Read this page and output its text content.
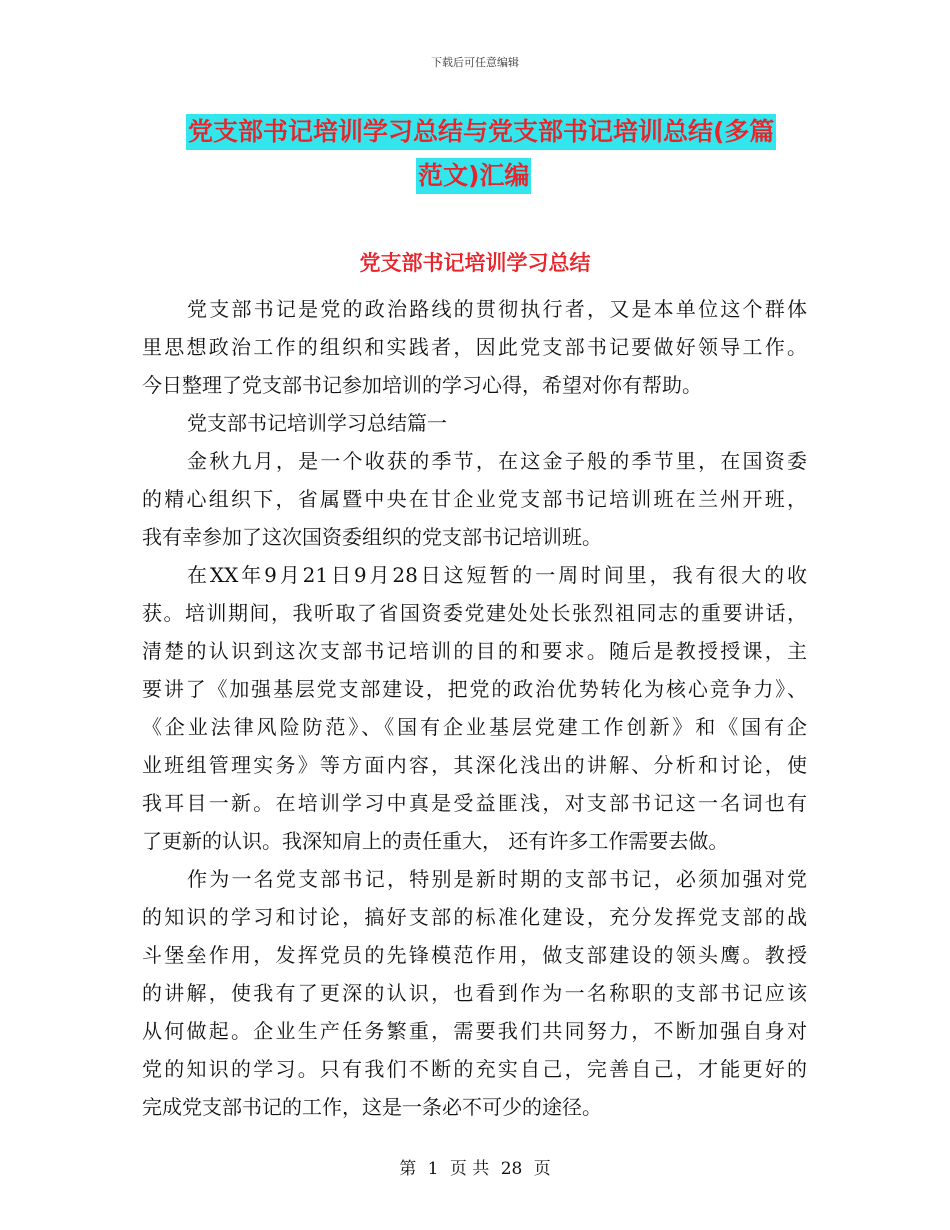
下载后可任意编辑
党支部书记培训学习总结与党支部书记培训总结(多篇
范文)汇编
党支部书记培训学习总结
党支部书记是党的政治路线的贯彻执行者，又是本单位这个群体
里思想政治工作的组织和实践者，因此党支部书记要做好领导工作。
今日整理了党支部书记参加培训的学习心得，希望对你有帮助。
党支部书记培训学习总结篇一
金秋九月，是一个收获的季节，在这金子般的季节里，在国资委
的精心组织下，省属暨中央在甘企业党支部书记培训班在兰州开班，
我有幸参加了这次国资委组织的党支部书记培训班。
在XX年9月21日9月28日这短暂的一周时间里，我有很大的收
获。培训期间，我听取了省国资委党建处处长张烈祖同志的重要讲话，
清楚的认识到这次支部书记培训的目的和要求。随后是教授授课，主
要讲了《加强基层党支部建设，把党的政治优势转化为核心竞争力》、
《企业法律风险防范》、《国有企业基层党建工作创新》和《国有企
业班组管理实务》等方面内容，其深化浅出的讲解、分析和讨论，使
我耳目一新。在培训学习中真是受益匪浅，对支部书记这一名词也有
了更新的认识。我深知肩上的责任重大， 还有许多工作需要去做。
作为一名党支部书记，特别是新时期的支部书记，必须加强对党
的知识的学习和讨论，搞好支部的标准化建设，充分发挥党支部的战
斗堡垒作用，发挥党员的先锋模范作用，做支部建设的领头鹰。教授
的讲解，使我有了更深的认识，也看到作为一名称职的支部书记应该
从何做起。企业生产任务繁重，需要我们共同努力，不断加强自身对
党的知识的学习。只有我们不断的充实自己，完善自己，才能更好的
完成党支部书记的工作，这是一条必不可少的途径。
第 1 页 共 28 页
